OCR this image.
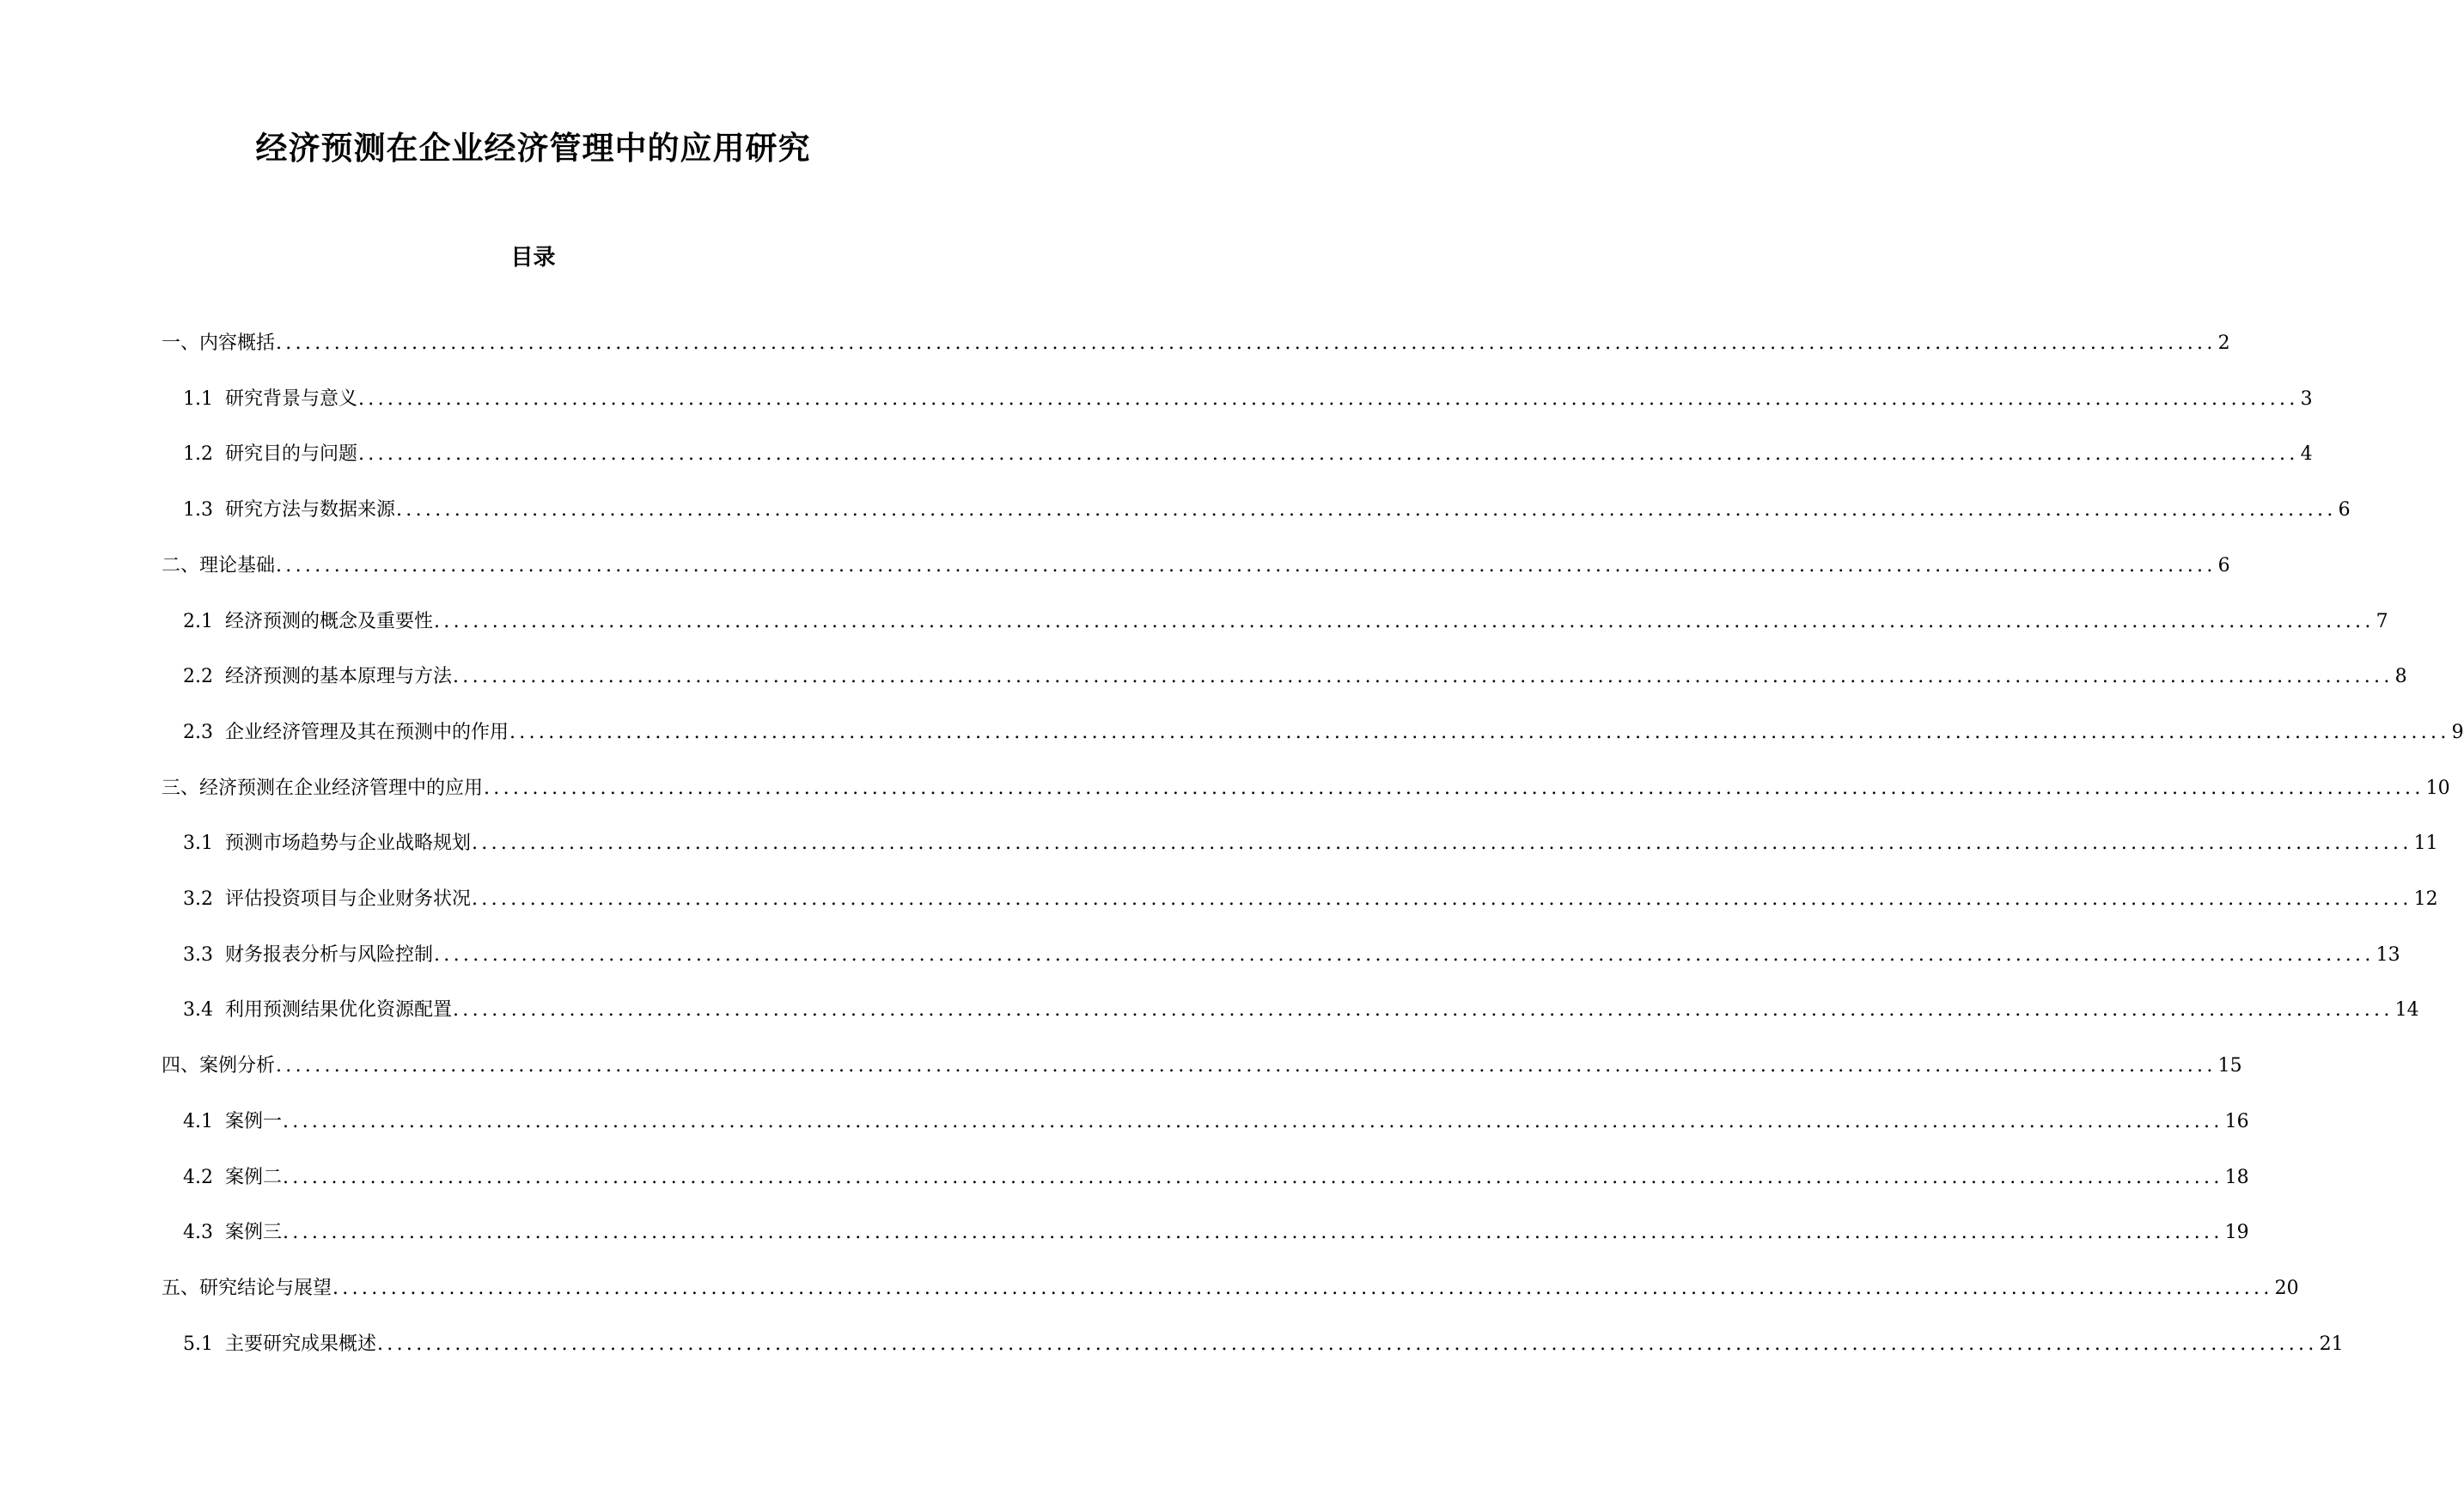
经济预测在企业经济管理中的应用研究
目录
一、内容概括 ........................................................................................................................................................................................................ 2
1.1 研究背景与意义 ........................................................................................................................................................................................................ 3
1.2 研究目的与问题 ........................................................................................................................................................................................................ 4
1.3 研究方法与数据来源 ........................................................................................................................................................................................................ 6
二、理论基础 ........................................................................................................................................................................................................ 6
2.1 经济预测的概念及重要性 ........................................................................................................................................................................................................ 7
2.2 经济预测的基本原理与方法 ........................................................................................................................................................................................................ 8
2.3 企业经济管理及其在预测中的作用 ........................................................................................................................................................................................................ 9
三、经济预测在企业经济管理中的应用 ........................................................................................................................................................................................................ 10
3.1 预测市场趋势与企业战略规划 ........................................................................................................................................................................................................ 11
3.2 评估投资项目与企业财务状况 ........................................................................................................................................................................................................ 12
3.3 财务报表分析与风险控制 ........................................................................................................................................................................................................ 13
3.4 利用预测结果优化资源配置 ........................................................................................................................................................................................................ 14
四、案例分析 ........................................................................................................................................................................................................ 15
4.1 案例一 ........................................................................................................................................................................................................ 16
4.2 案例二 ........................................................................................................................................................................................................ 18
4.3 案例三 ........................................................................................................................................................................................................ 19
五、研究结论与展望 ........................................................................................................................................................................................................ 20
5.1 主要研究成果概述 ........................................................................................................................................................................................................ 21
